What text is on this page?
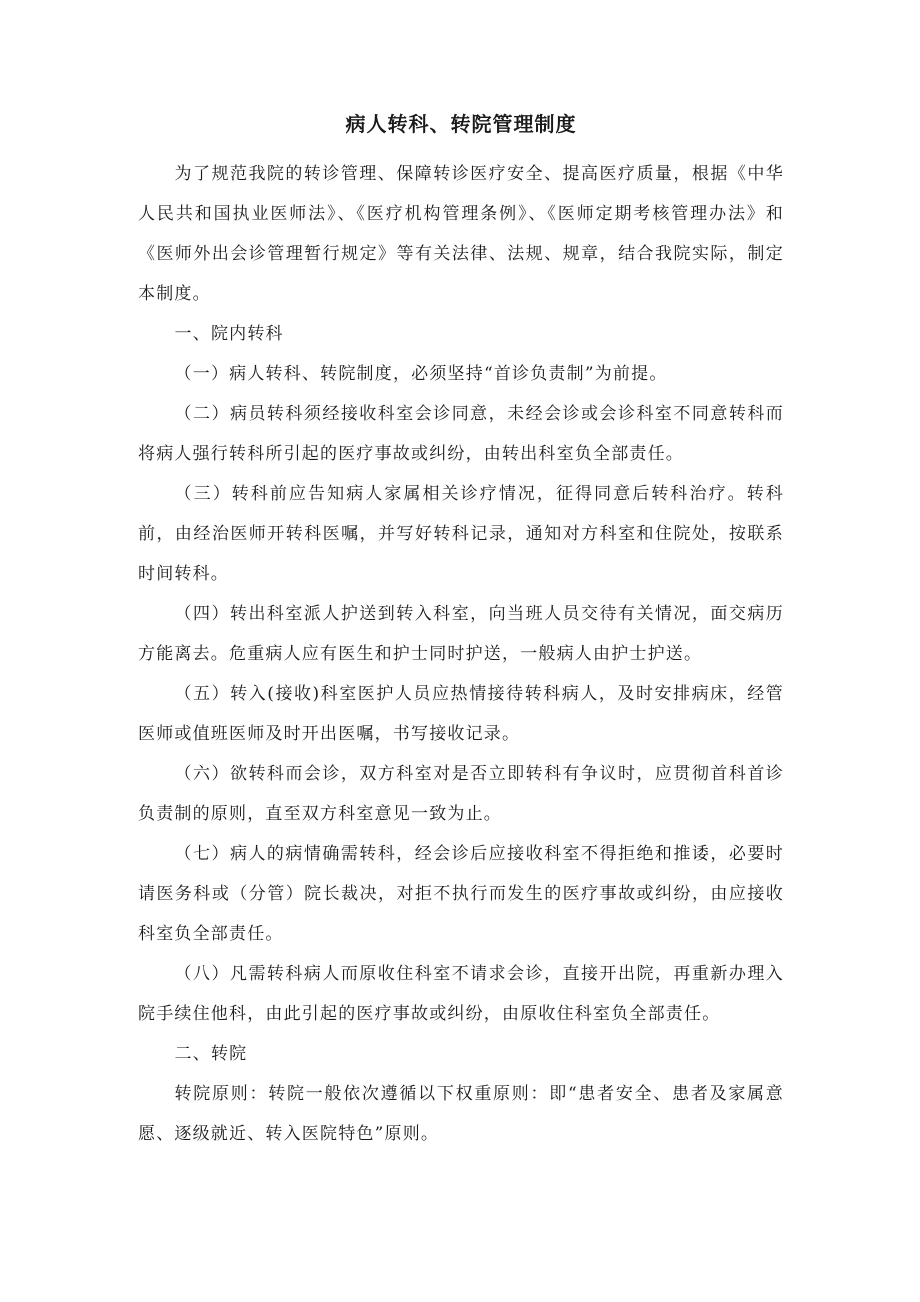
病人转科、转院管理制度

为了规范我院的转诊管理、保障转诊医疗安全、提高医疗质量，根据《中华人民共和国执业医师法》、《医疗机构管理条例》、《医师定期考核管理办法》和《医师外出会诊管理暂行规定》等有关法律、法规、规章，结合我院实际，制定本制度。

一、院内转科

（一）病人转科、转院制度，必须坚持“首诊负责制”为前提。

（二）病员转科须经接收科室会诊同意，未经会诊或会诊科室不同意转科而将病人强行转科所引起的医疗事故或纠纷，由转出科室负全部责任。

（三）转科前应告知病人家属相关诊疗情况，征得同意后转科治疗。转科前，由经治医师开转科医嘱，并写好转科记录，通知对方科室和住院处，按联系时间转科。

（四）转出科室派人护送到转入科室，向当班人员交待有关情况，面交病历方能离去。危重病人应有医生和护士同时护送，一般病人由护士护送。

（五）转入(接收)科室医护人员应热情接待转科病人，及时安排病床，经管医师或值班医师及时开出医嘱，书写接收记录。

（六）欲转科而会诊，双方科室对是否立即转科有争议时，应贯彻首科首诊负责制的原则，直至双方科室意见一致为止。

（七）病人的病情确需转科，经会诊后应接收科室不得拒绝和推诿，必要时请医务科或（分管）院长裁决，对拒不执行而发生的医疗事故或纠纷，由应接收科室负全部责任。

（八）凡需转科病人而原收住科室不请求会诊，直接开出院，再重新办理入院手续住他科，由此引起的医疗事故或纠纷，由原收住科室负全部责任。

二、转院

转院原则：转院一般依次遵循以下权重原则：即“患者安全、患者及家属意愿、逐级就近、转入医院特色”原则。
